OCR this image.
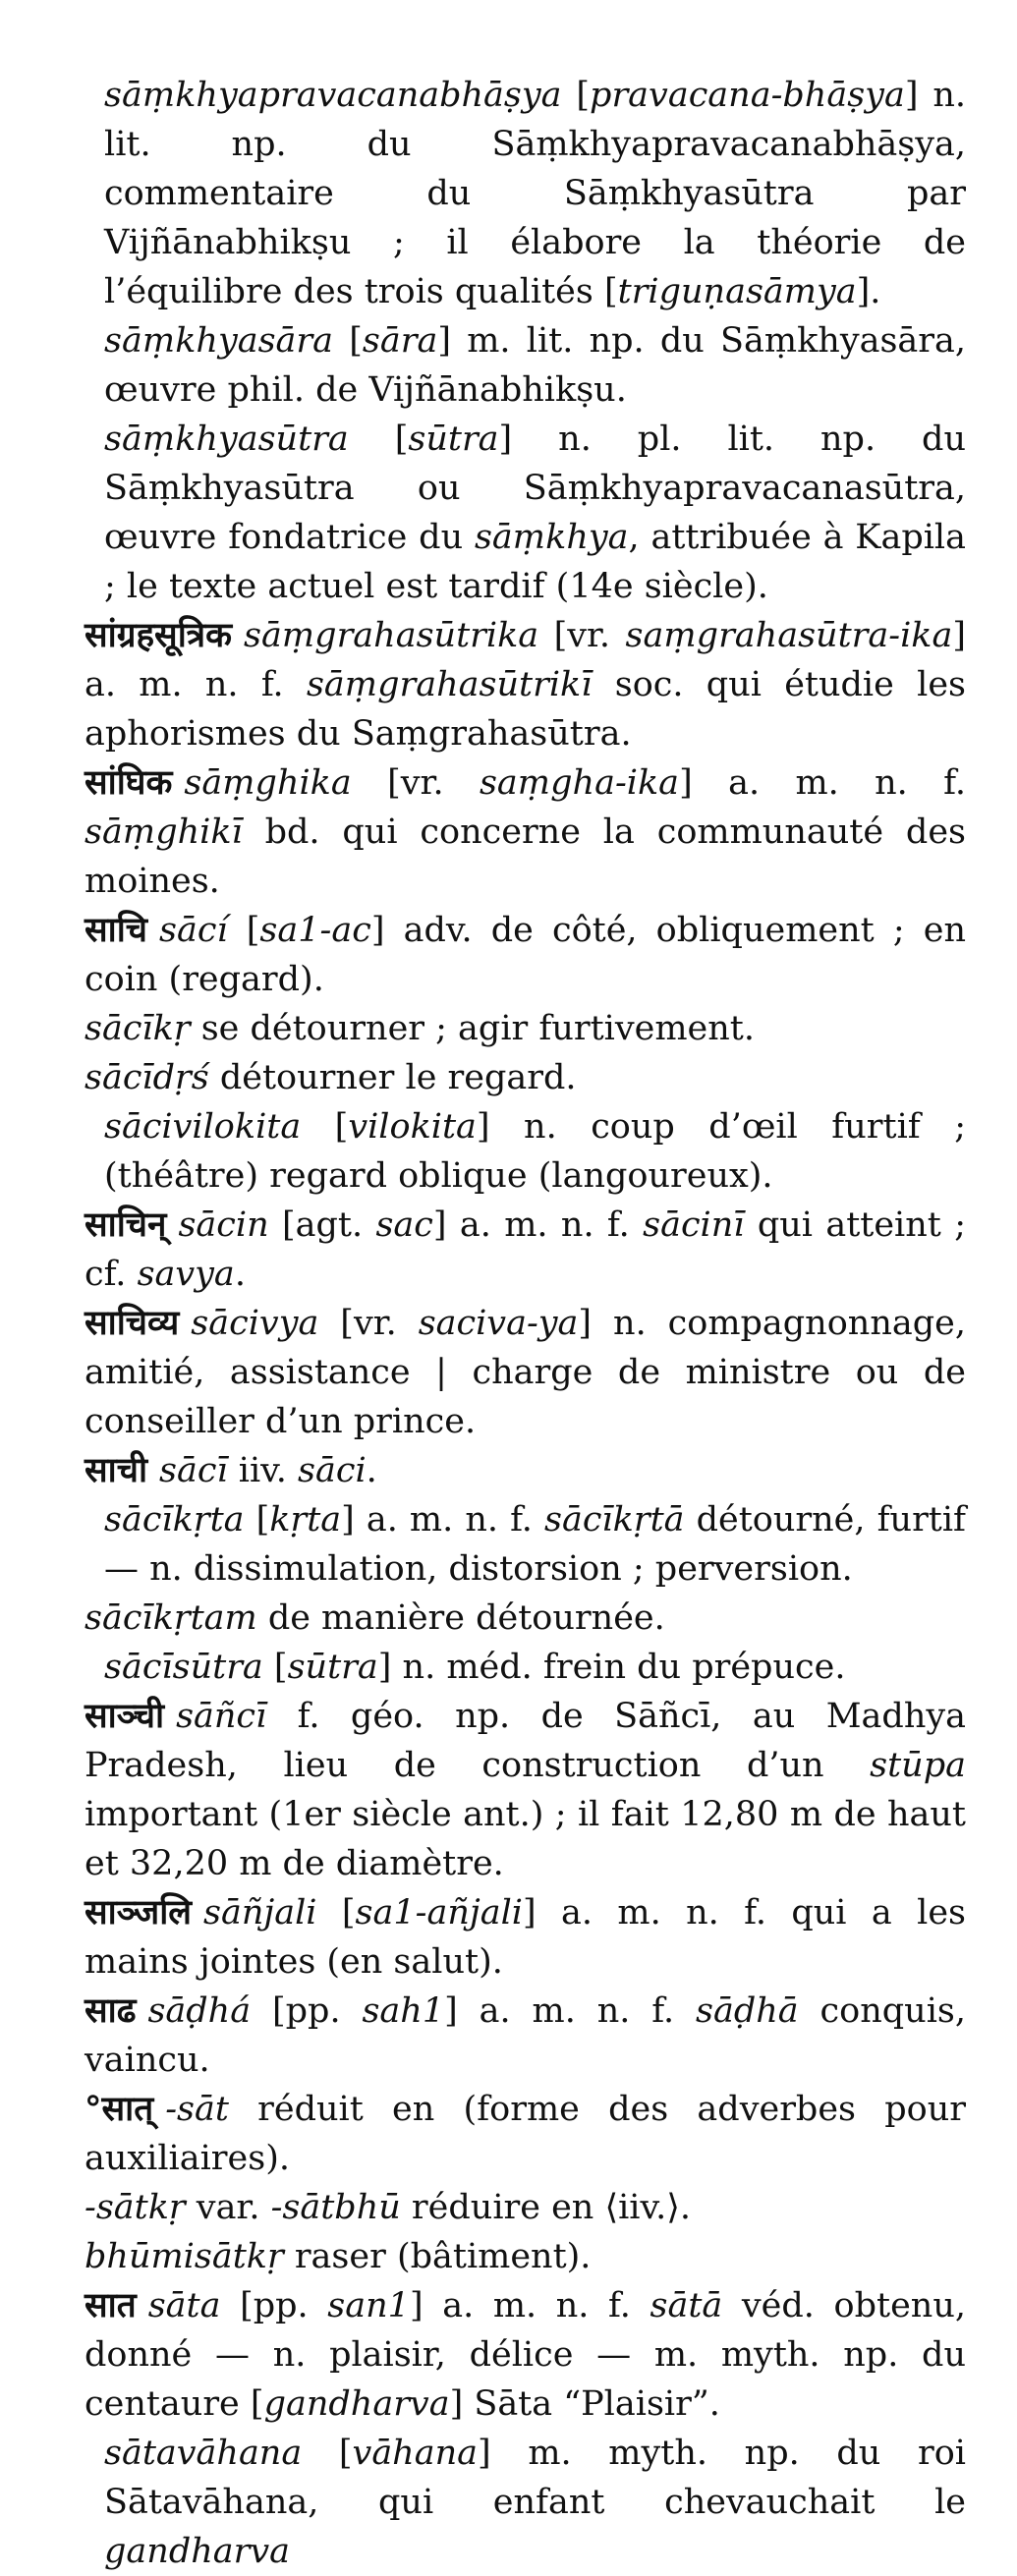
sāṃkhyapravacanabhāṣya [pravacana-bhāṣya] n. lit. np. du Sāṃkhyapravacanabhāṣya, commentaire du Sāṃkhyasūtra par Vijñānabhikṣu ; il élabore la théorie de l’équilibre des trois qualités [triguṇasāmya].

sāṃkhyasāra [sāra] m. lit. np. du Sāṃkhyasāra, œuvre phil. de Vijñānabhikṣu.

sāṃkhyasūtra [sūtra] n. pl. lit. np. du Sāṃkhyasūtra ou Sāṃkhyapravacanasūtra, œuvre fondatrice du sāṃkhya, attribuée à Kapila ; le texte actuel est tardif (14e siècle).

सांग्रहसूत्रिक sāṃgrahasūtrika [vr. saṃgrahasūtra-ika] a. m. n. f. sāṃgrahasūtrikī soc. qui étudie les aphorismes du Saṃgrahasūtra.

सांघिक sāṃghika [vr. saṃgha-ika] a. m. n. f. sāṃghikī bd. qui concerne la communauté des moines.

साचि sācí [sa1-ac] adv. de côté, obliquement ; en coin (regard).

sācīkṛ se détourner ; agir furtivement.

sācīdṛś détourner le regard.

sācivilokita [vilokita] n. coup d’œil furtif ; (théâtre) regard oblique (langoureux).

साचिन् sācin [agt. sac] a. m. n. f. sācinī qui atteint ; cf. savya.

साचिव्य sācivya [vr. saciva-ya] n. compagnonnage, amitié, assistance | charge de ministre ou de conseiller d’un prince.

साची sācī iiv. sāci.

sācīkṛta [kṛta] a. m. n. f. sācīkṛtā détourné, furtif — n. dissimulation, distorsion ; perversion.

sācīkṛtam de manière détournée.

sācīsūtra [sūtra] n. méd. frein du prépuce.

साञ्ची sāñcī f. géo. np. de Sāñcī, au Madhya Pradesh, lieu de construction d’un stūpa important (1er siècle ant.) ; il fait 12,80 m de haut et 32,20 m de diamètre.

साञ्जलि sāñjali [sa1-añjali] a. m. n. f. qui a les mains jointes (en salut).

साढ sāḍhá [pp. sah1] a. m. n. f. sāḍhā conquis, vaincu.

°सात् -sāt réduit en (forme des adverbes pour auxiliaires).

-sātkṛ var. -sātbhū réduire en ⟨iiv.⟩.

bhūmisātkṛ raser (bâtiment).

सात sāta [pp. san1] a. m. n. f. sātā véd. obtenu, donné — n. plaisir, délice — m. myth. np. du centaure [gandharva] Sāta “Plaisir”.

sātavāhana [vāhana] m. myth. np. du roi Sātavāhana, qui enfant chevauchait le gandharva
